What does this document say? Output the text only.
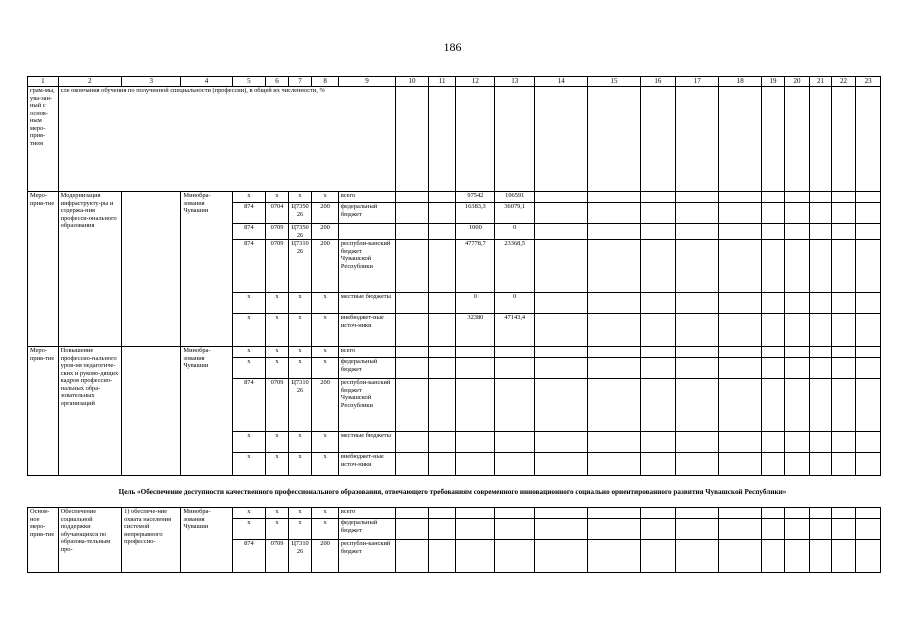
186
1	2	3	4	5	6	7	8	9	10	11	12	13	14	15	16	17	18	19	20	21	22	23
грам-мы, ува-зан-ный с основ-ным меро-прия-тием	сле окончания обучения по полученной специальности (профессии), в общей их численности, %																					
Меро-прия-тие	Модернизация инфраструкту-ры и содержа-ния професси-онального образования		Минобра-зования Чувашии	x	x	x	x	всего			97542	106591										
				874	0704	Ц7350 26	200	федеральный бюджет			16383,3	36079,1										
				874	0709	Ц7350 26	200				1000	0										
				874	0709	Ц7310 26	200	республи-канский бюджет Чувашской Республики			47778,7	23368,5										
				x	x	x	x	местные бюджеты			0	0										
				x	x	x	x	внебюджет-ные источ-ники			32380	47143,4										
Меро-прия-тие	Повышение професcио-нального уров-ня педагогиче-ских и руково-дящих кадров професcио-нальных обра-зовательных организаций		Минобра-зования Чувашии	x	x	x	x	всего														
				x	x	x	x	федеральный бюджет														
				874	0709	Ц7310 26	200	республи-канский бюджет Чувашской Республики														
				x	x	x	x	местные бюджеты														
				x	x	x	x	внебюджет-ные источ-ники														
Цель «Обеспечение доступности качественного профессионального образования, отвечающего требованиям современного инновационного социально ориентированного развития Чувашской Республики»
Основ-ное меро-прия-тие	Обеспечение социальной поддержки обучающихся по образова-тельным про-	1) обеспече-ние охвата населения системой непрерывного профессио-	Минобра-зования Чувашии	x	x	x	x	всего														
				x	x	x	x	федеральный бюджет														
				874	0709	Ц7310 26	200	республи-канский бюджет														
